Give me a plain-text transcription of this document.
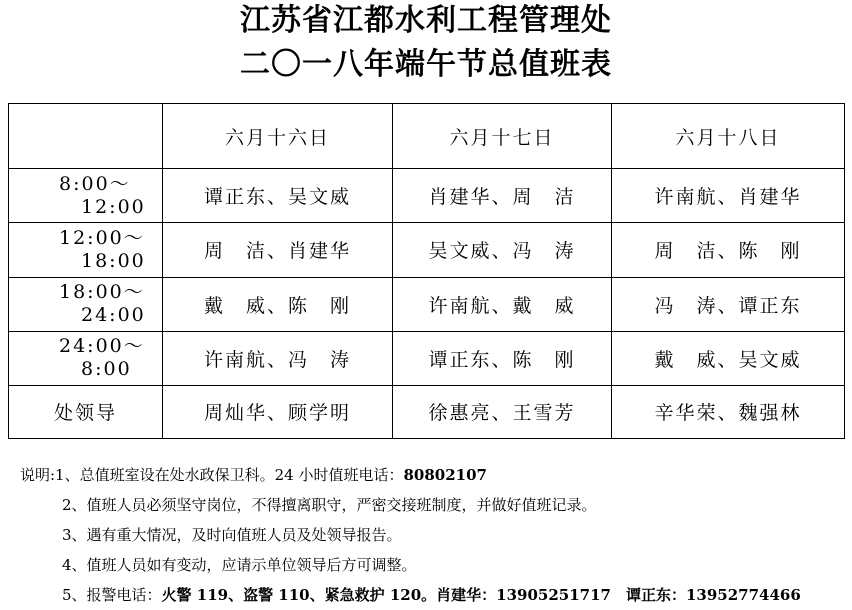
江苏省江都水利工程管理处
二〇一八年端午节总值班表
	六月十六日	六月十七日	六月十八日

8:00～
12:00	谭正东、吴文威	肖建华、周　洁	许南航、肖建华

12:00～
18:00	周　洁、肖建华	吴文威、冯　涛	周　洁、陈　刚

18:00～
24:00	戴　威、陈　刚	许南航、戴　威	冯　涛、谭正东

24:00～
8:00	许南航、冯　涛	谭正东、陈　刚	戴　威、吴文威
处领导	周灿华、顾学明	徐惠亮、王雪芳	辛华荣、魏强林
说明:1、总值班室设在处水政保卫科。24 小时值班电话：80802107
2、值班人员必须坚守岗位，不得擅离职守，严密交接班制度，并做好值班记录。
3、遇有重大情况，及时向值班人员及处领导报告。
4、值班人员如有变动，应请示单位领导后方可调整。
5、报警电话：火警 119、盗警 110、紧急救护 120。肖建华：13905251717　谭正东：13952774466
